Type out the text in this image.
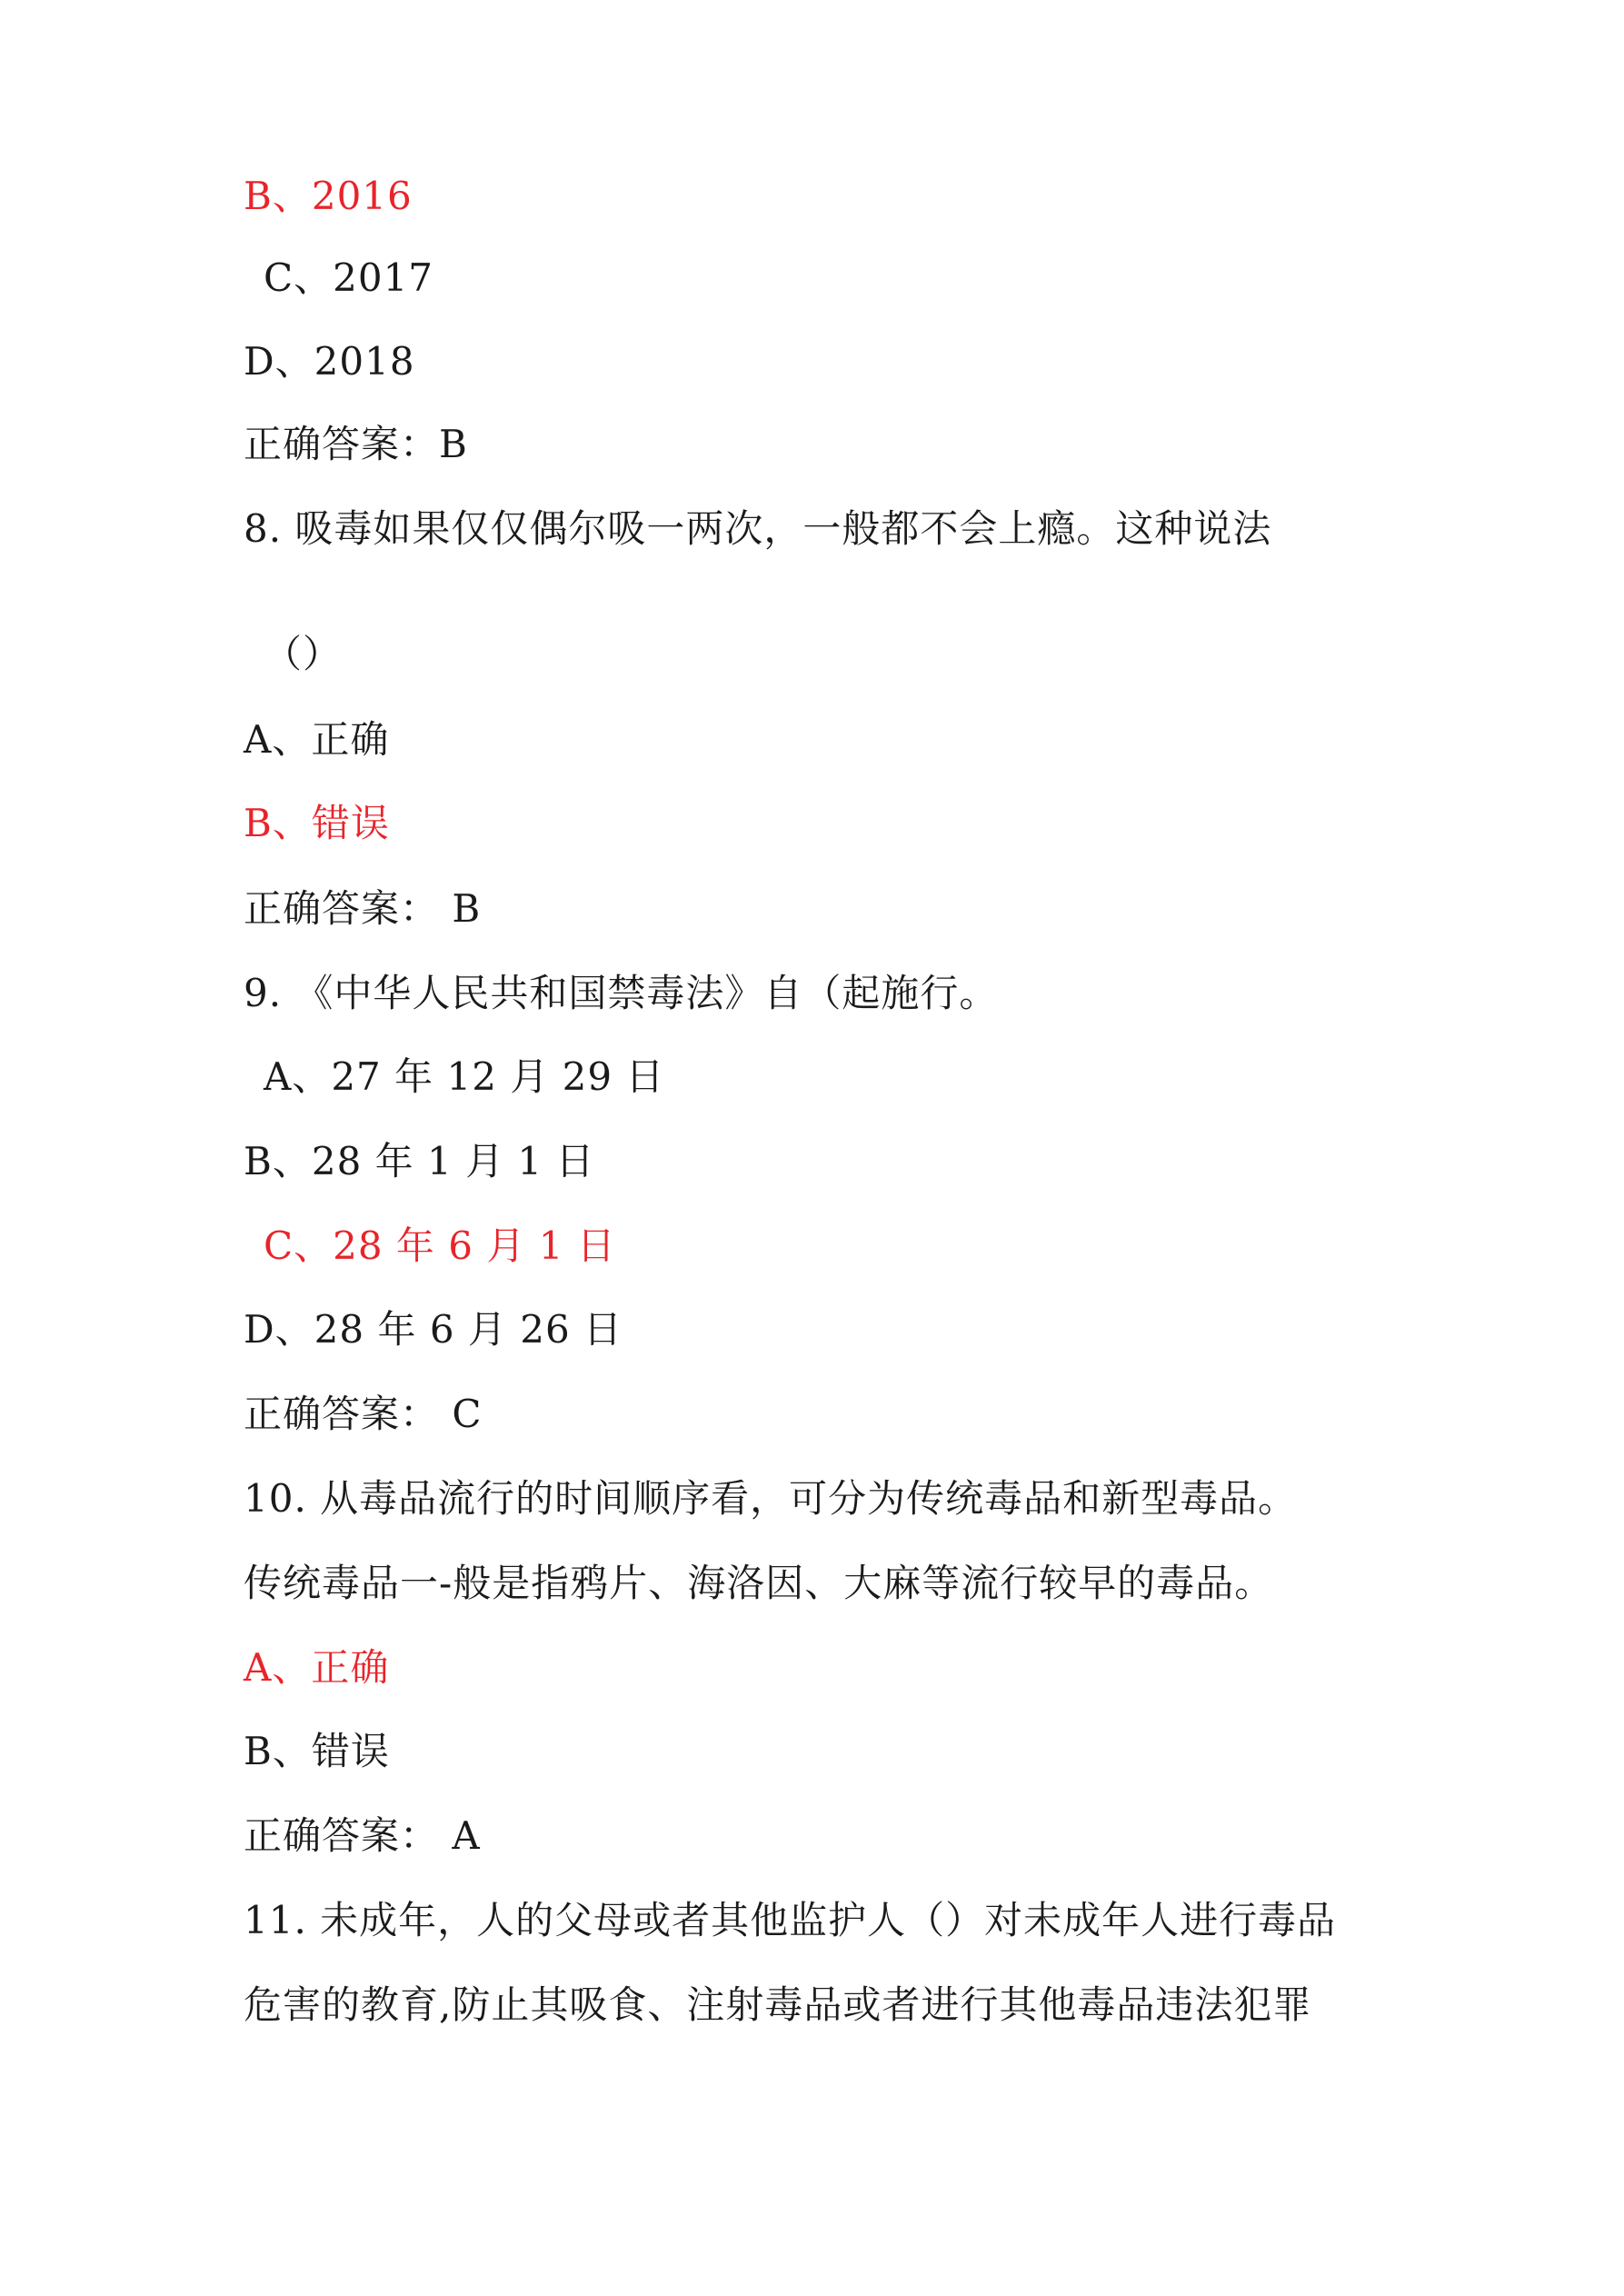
B、2016
C、2017
D、2018
正确答案：B
8. 吸毒如果仅仅偶尔吸一两次，一般都不会上瘾。这种说法
（）
A、正确
B、错误
正确答案： B
9. 《中华人民共和国禁毒法》自（起施行。
A、27 年 12 月 29 日
B、28 年 1 月 1 日
C、28 年 6 月 1 日
D、28 年 6 月 26 日
正确答案： C
10. 从毒品流行的时间顺序看，可分为传统毒品和新型毒品。
传统毒品一-般是指鸦片、海洛因、大麻等流行较早的毒品。
A、正确
B、错误
正确答案： A
11. 未成年，人的父母或者其他监护人（）对未成年人进行毒品
危害的教育,防止其吸食、注射毒品或者进行其他毒品违法犯罪
